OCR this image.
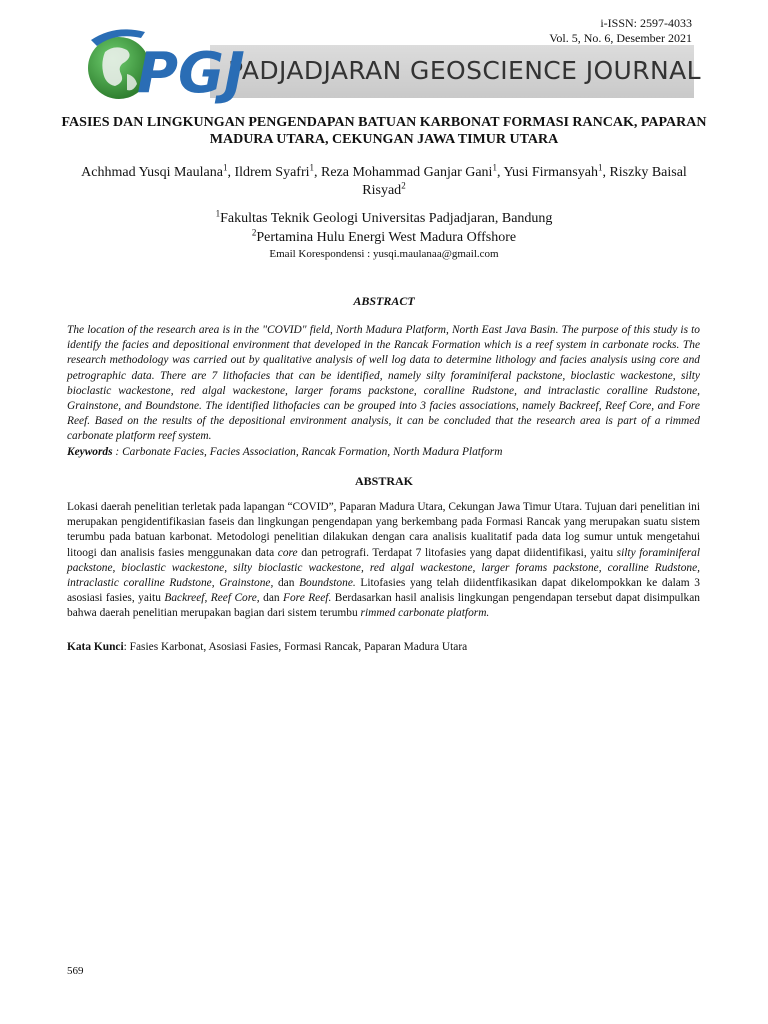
i-ISSN: 2597-4033
Vol. 5, No. 6, Desember 2021
PADJADJARAN GEOSCIENCE JOURNAL
PGJ
FASIES DAN LINGKUNGAN PENGENDAPAN BATUAN KARBONAT FORMASI RANCAK, PAPARAN MADURA UTARA, CEKUNGAN JAWA TIMUR UTARA
Achhmad Yusqi Maulana$^1$, Ildrem Syafri$^1$, Reza Mohammad Ganjar Gani$^1$, Yusi Firmansyah$^1$, Riszky Baisal Risyad$^2$
$^1$Fakultas Teknik Geologi Universitas Padjadjaran, Bandung
$^2$Pertamina Hulu Energi West Madura Offshore
Email Korespondensi : yusqi.maulanaa@gmail.com
ABSTRACT

The location of the research area is in the "COVID" field, North Madura Platform, North East Java Basin. The purpose of this study is to identify the facies and depositional environment that developed in the Rancak Formation which is a reef system in carbonate rocks. The research methodology was carried out by qualitative analysis of well log data to determine lithology and facies analysis using core and petrographic data. There are 7 lithofacies that can be identified, namely silty foraminiferal packstone, bioclastic wackestone, silty bioclastic wackestone, red algal wackestone, larger forams packstone, coralline Rudstone, and intraclastic coralline Rudstone, Grainstone, and Boundstone. The identified lithofacies can be grouped into 3 facies associations, namely Backreef, Reef Core, and Fore Reef. Based on the results of the depositional environment analysis, it can be concluded that the research area is part of a rimmed carbonate platform reef system.

Keywords : Carbonate Facies, Facies Association, Rancak Formation, North Madura Platform

ABSTRAK

Lokasi daerah penelitian terletak pada lapangan “COVID”, Paparan Madura Utara, Cekungan Jawa Timur Utara. Tujuan dari penelitian ini merupakan pengidentifikasian faseis dan lingkungan pengendapan yang berkembang pada Formasi Rancak yang merupakan suatu sistem terumbu pada batuan karbonat. Metodologi penelitian dilakukan dengan cara analisis kualitatif pada data log sumur untuk mengetahui litoogi dan analisis fasies menggunakan data core dan petrografi. Terdapat 7 litofasies yang dapat diidentifikasi, yaitu silty foraminiferal packstone, bioclastic wackestone, silty bioclastic wackestone, red algal wackestone, larger forams packstone, coralline Rudstone, intraclastic coralline Rudstone, Grainstone, dan Boundstone. Litofasies yang telah diidentfikasikan dapat dikelompokkan ke dalam 3 asosiasi fasies, yaitu Backreef, Reef Core, dan Fore Reef. Berdasarkan hasil analisis lingkungan pengendapan tersebut dapat disimpulkan bahwa daerah penelitian merupakan bagian dari sistem terumbu rimmed carbonate platform.

Kata Kunci: Fasies Karbonat, Asosiasi Fasies, Formasi Rancak, Paparan Madura Utara

569
